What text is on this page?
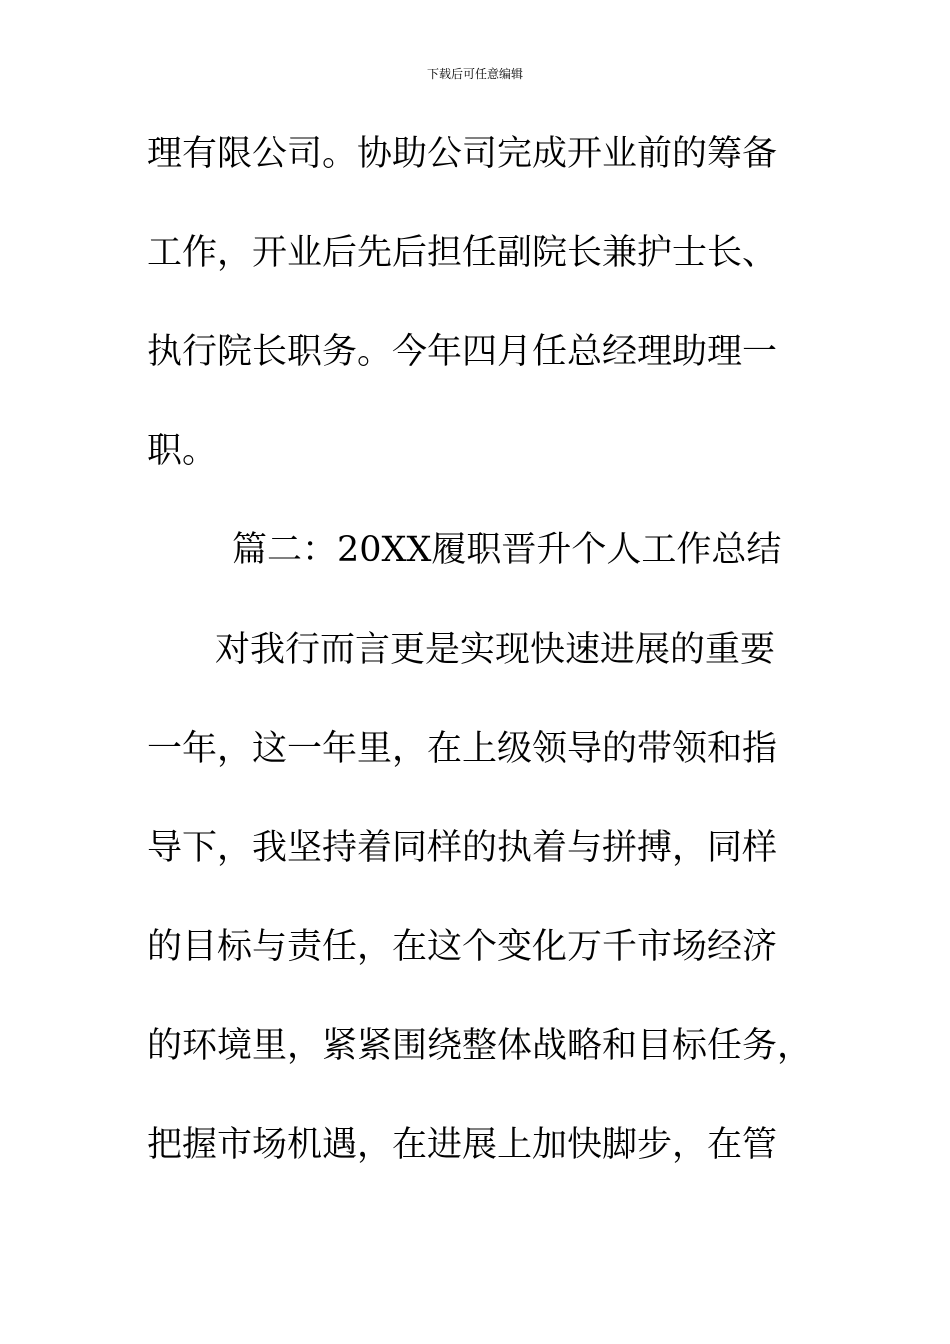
下载后可任意编辑
理有限公司。协助公司完成开业前的筹备
工作，开业后先后担任副院长兼护士长、
执行院长职务。今年四月任总经理助理一
职。
篇二：20XX履职晋升个人工作总结
对我行而言更是实现快速进展的重要
一年，这一年里，在上级领导的带领和指
导下，我坚持着同样的执着与拼搏，同样
的目标与责任，在这个变化万千市场经济
的环境里，紧紧围绕整体战略和目标任务，
把握市场机遇，在进展上加快脚步，在管
